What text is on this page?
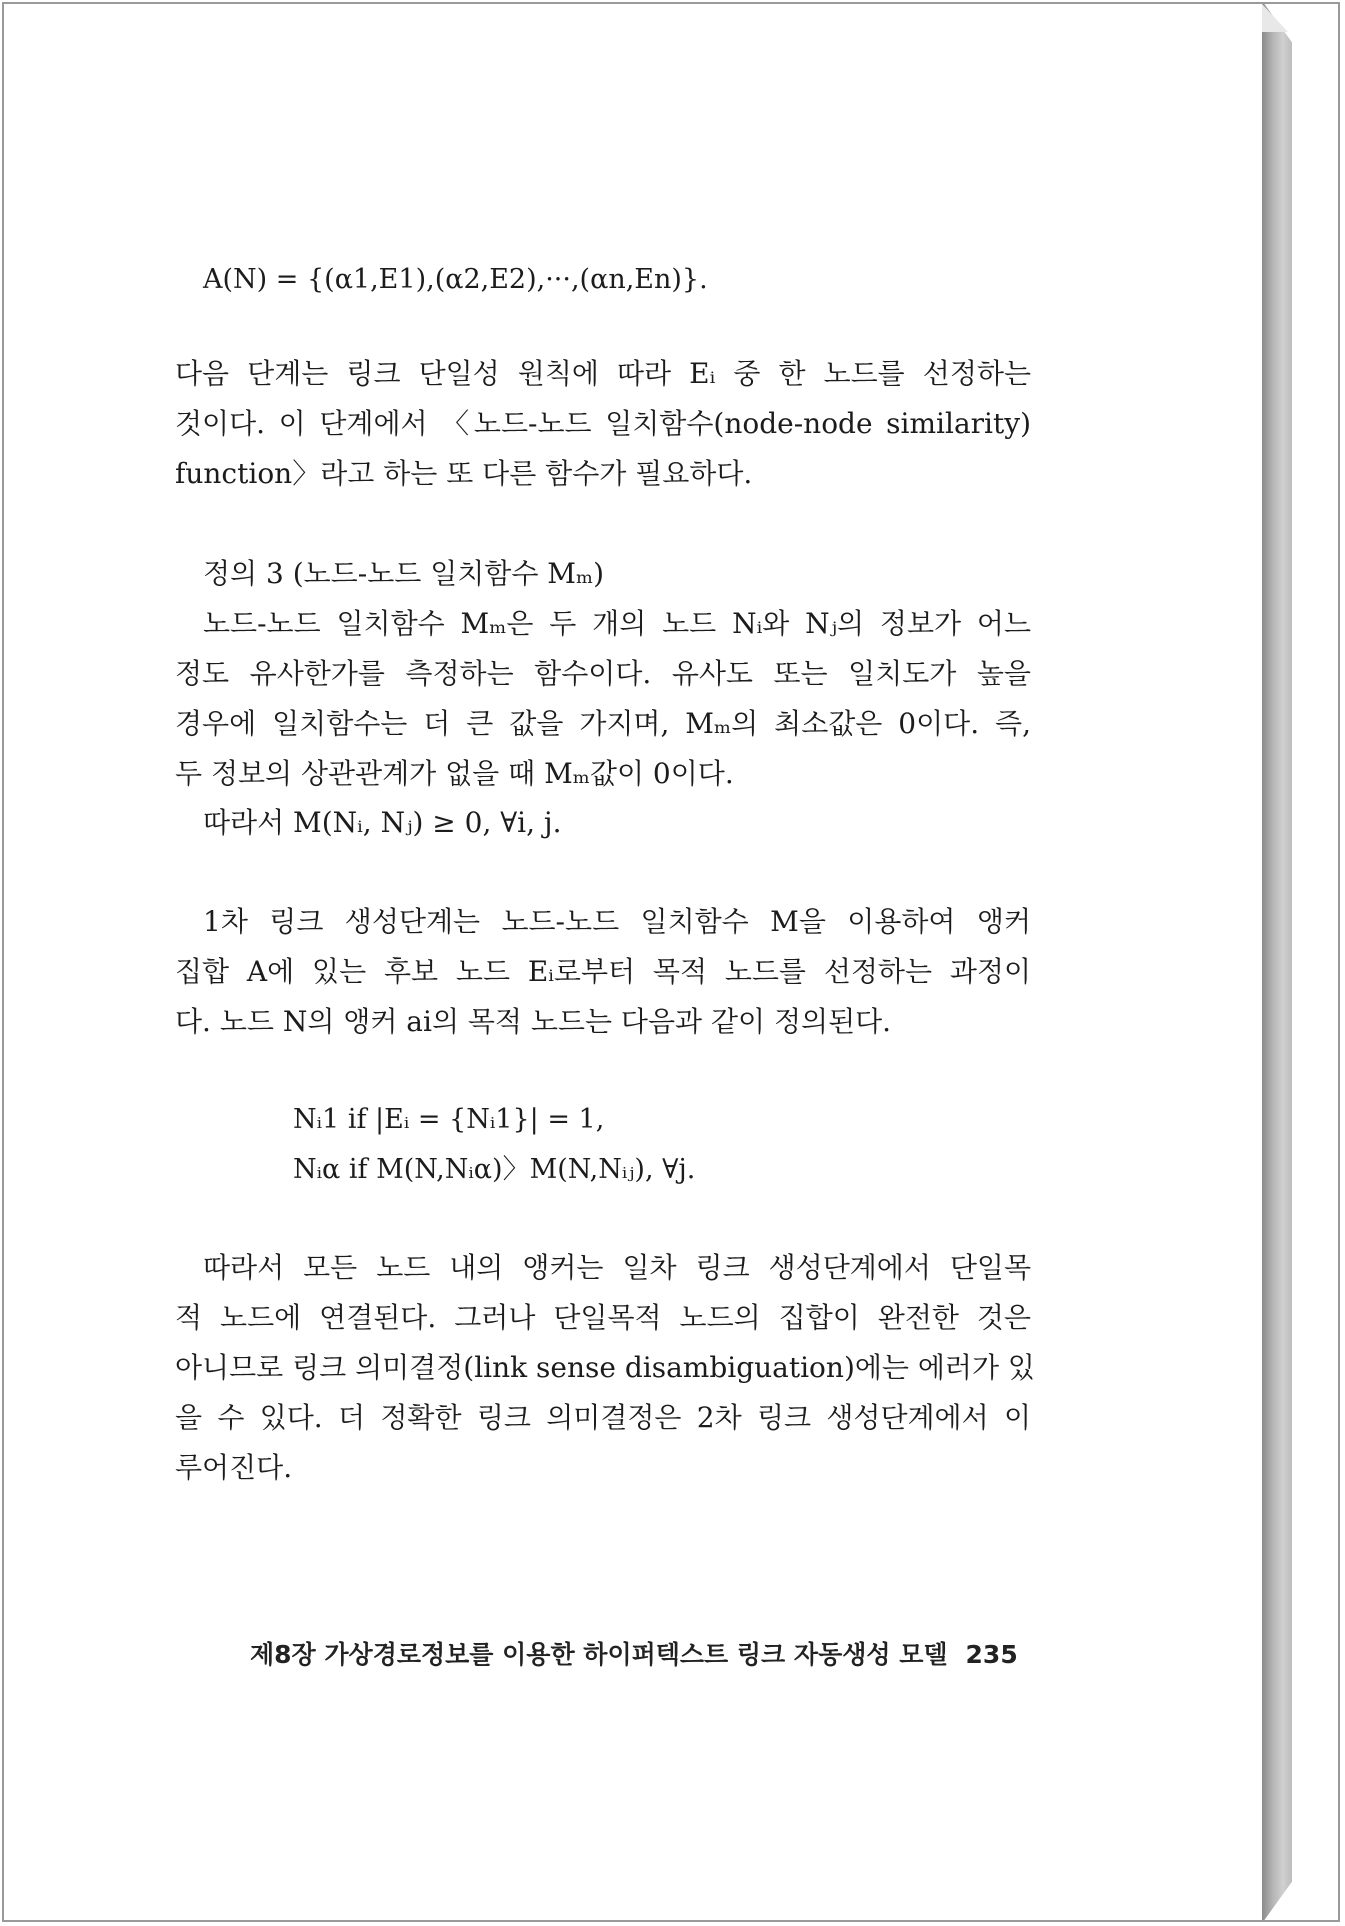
A(N) = {(α1,E1),(α2,E2),···,(αn,En)}.
다음 단계는 링크 단일성 원칙에 따라 Eᵢ 중 한 노드를 선정하는
것이다. 이 단계에서 〈노드-노드 일치함수(node-node similarity)
function〉라고 하는 또 다른 함수가 필요하다.
정의 3 (노드-노드 일치함수 Mₘ)
노드-노드 일치함수 Mₘ은 두 개의 노드 Nᵢ와 Nⱼ의 정보가 어느
정도 유사한가를 측정하는 함수이다. 유사도 또는 일치도가 높을
경우에 일치함수는 더 큰 값을 가지며, Mₘ의 최소값은 0이다. 즉,
두 정보의 상관관계가 없을 때 Mₘ값이 0이다.
따라서 M(Nᵢ, Nⱼ) ≥ 0, ∀i, j.
1차 링크 생성단계는 노드-노드 일치함수 M을 이용하여 앵커
집합 A에 있는 후보 노드 Eᵢ로부터 목적 노드를 선정하는 과정이
다. 노드 N의 앵커 ai의 목적 노드는 다음과 같이 정의된다.
Nᵢ1 if |Eᵢ = {Nᵢ1}| = 1,
Nᵢα if M(N,Nᵢα)〉M(N,Nᵢⱼ), ∀j.
따라서 모든 노드 내의 앵커는 일차 링크 생성단계에서 단일목
적 노드에 연결된다. 그러나 단일목적 노드의 집합이 완전한 것은
아니므로 링크 의미결정(link sense disambiguation)에는 에러가 있
을 수 있다. 더 정확한 링크 의미결정은 2차 링크 생성단계에서 이
루어진다.
제8장 가상경로정보를 이용한 하이퍼텍스트 링크 자동생성 모델 235
